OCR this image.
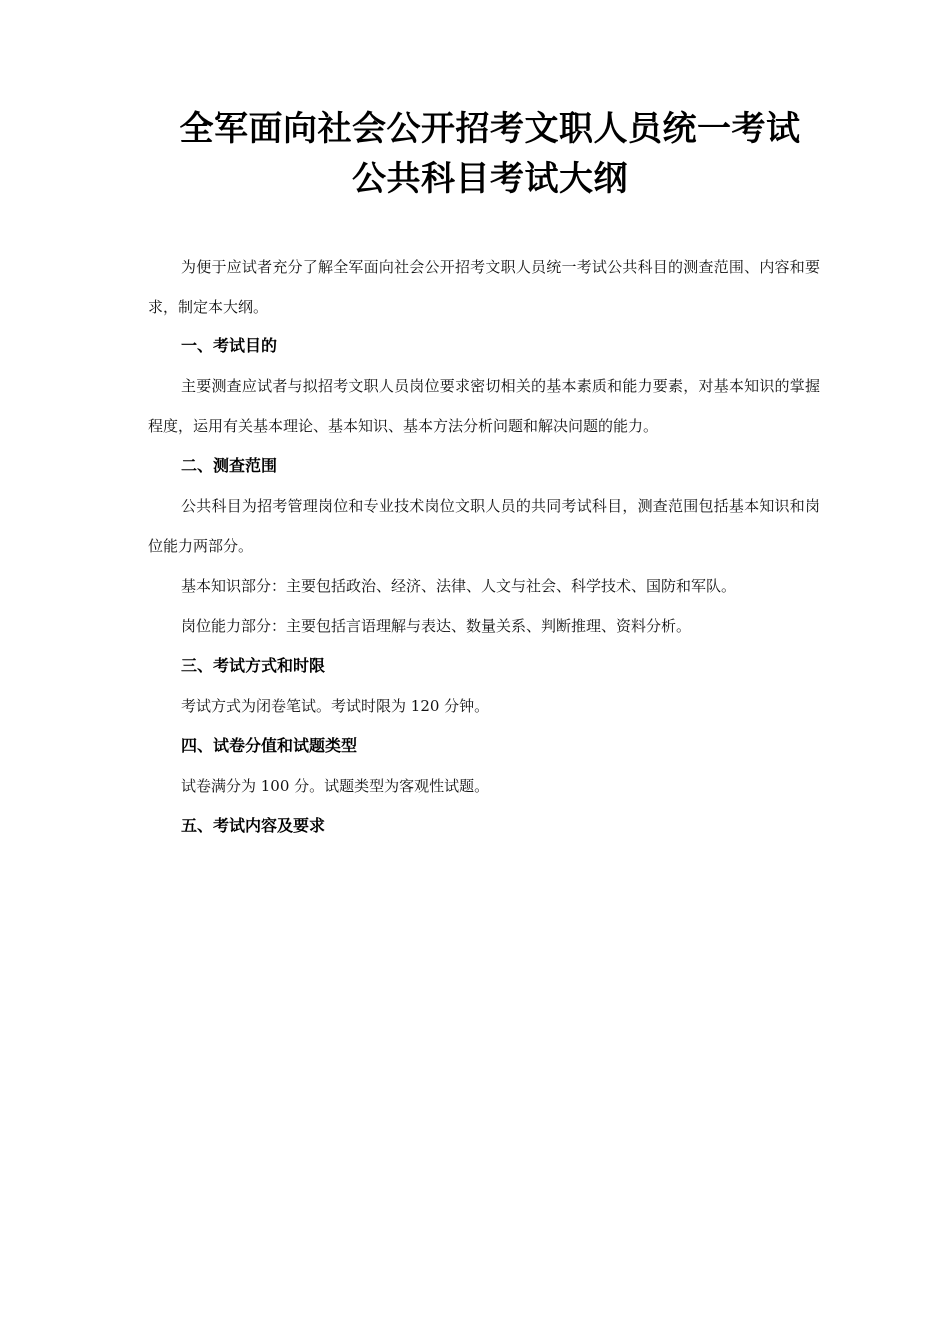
全军面向社会公开招考文职人员统一考试
公共科目考试大纲

为便于应试者充分了解全军面向社会公开招考文职人员统一考试公共科目的测查范围、内容和要求，制定本大纲。

一、考试目的

主要测查应试者与拟招考文职人员岗位要求密切相关的基本素质和能力要素，对基本知识的掌握程度，运用有关基本理论、基本知识、基本方法分析问题和解决问题的能力。

二、测查范围

公共科目为招考管理岗位和专业技术岗位文职人员的共同考试科目，测查范围包括基本知识和岗位能力两部分。

基本知识部分：主要包括政治、经济、法律、人文与社会、科学技术、国防和军队。

岗位能力部分：主要包括言语理解与表达、数量关系、判断推理、资料分析。

三、考试方式和时限

考试方式为闭卷笔试。考试时限为 120 分钟。

四、试卷分值和试题类型

试卷满分为 100 分。试题类型为客观性试题。

五、考试内容及要求
